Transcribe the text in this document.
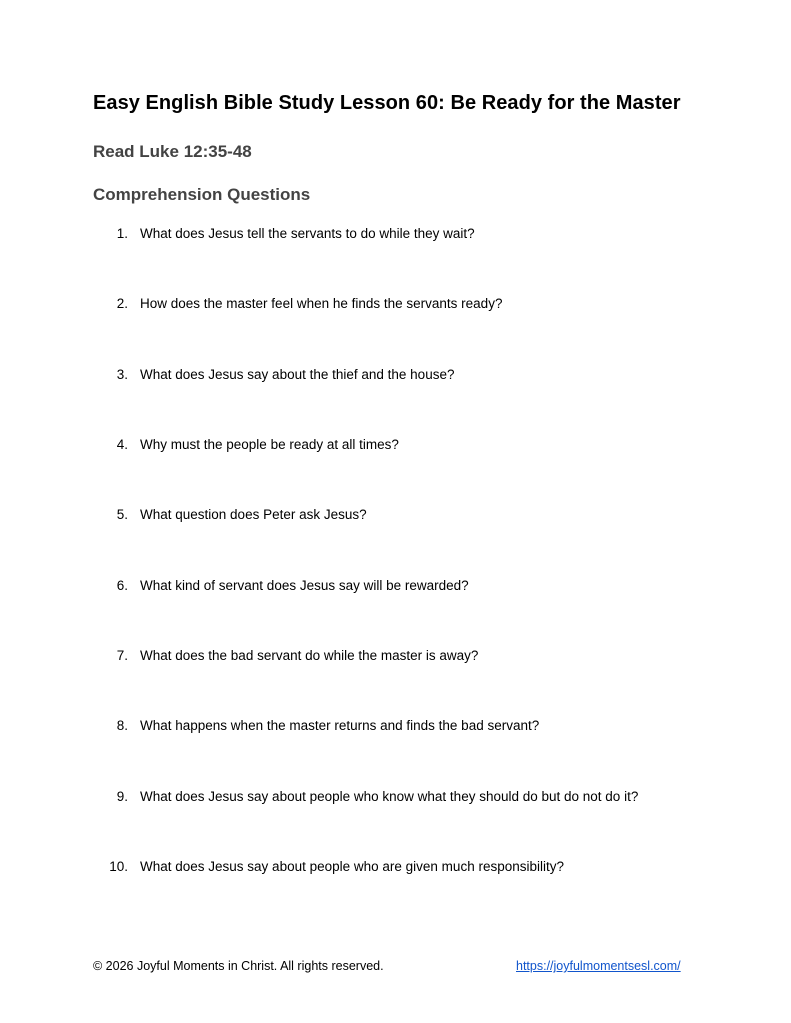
Easy English Bible Study Lesson 60: Be Ready for the Master
Read Luke 12:35-48
Comprehension Questions
1. What does Jesus tell the servants to do while they wait?
2. How does the master feel when he finds the servants ready?
3. What does Jesus say about the thief and the house?
4. Why must the people be ready at all times?
5. What question does Peter ask Jesus?
6. What kind of servant does Jesus say will be rewarded?
7. What does the bad servant do while the master is away?
8. What happens when the master returns and finds the bad servant?
9. What does Jesus say about people who know what they should do but do not do it?
10. What does Jesus say about people who are given much responsibility?
© 2026 Joyful Moments in Christ. All rights reserved.	https://joyfulmomentsesl.com/
